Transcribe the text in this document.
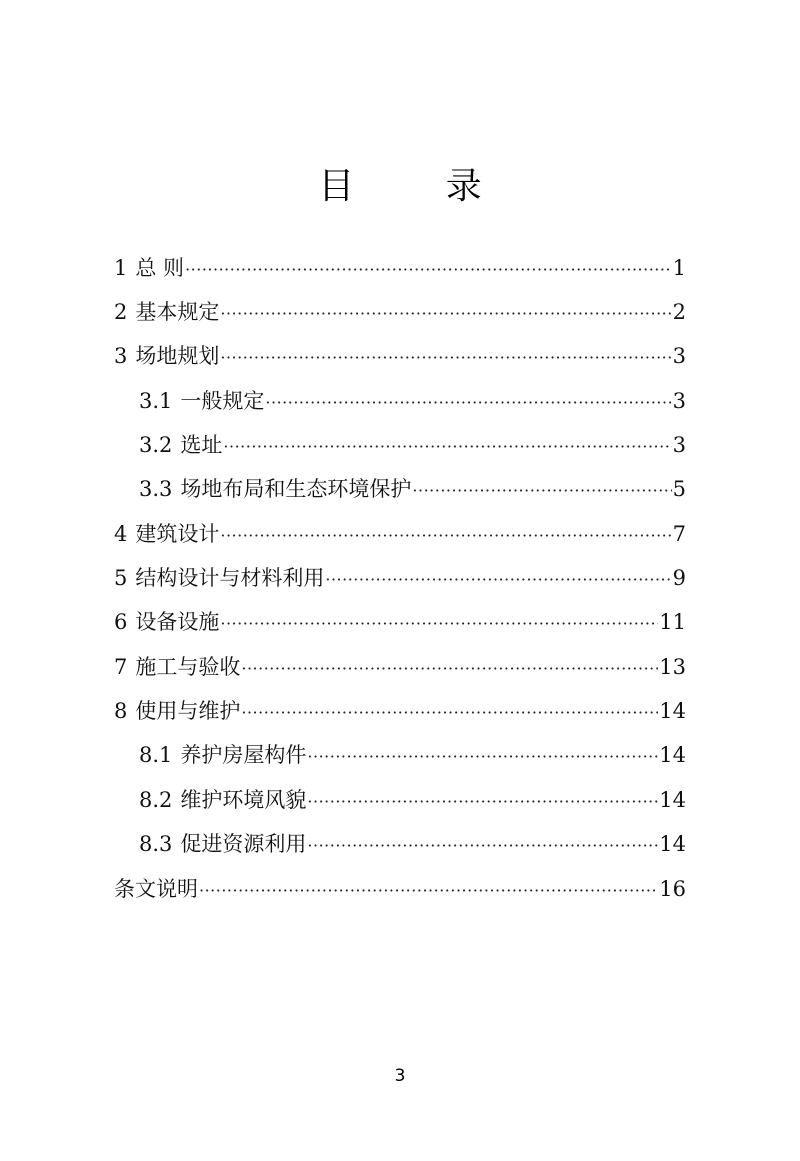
目 录
1 总 则 ·····	1
2 基本规定 ·····	2
3 场地规划 ·····	3
3.1 一般规定 ·····	3
3.2 选址 ·····	3
3.3 场地布局和生态环境保护 ·····	5
4 建筑设计 ·····	7
5 结构设计与材料利用 ·····	9
6 设备设施 ·····	11
7 施工与验收 ·····	13
8 使用与维护 ·····	14
8.1 养护房屋构件 ·····	14
8.2 维护环境风貌 ·····	14
8.3 促进资源利用 ·····	14
条文说明 ·····	16
3
